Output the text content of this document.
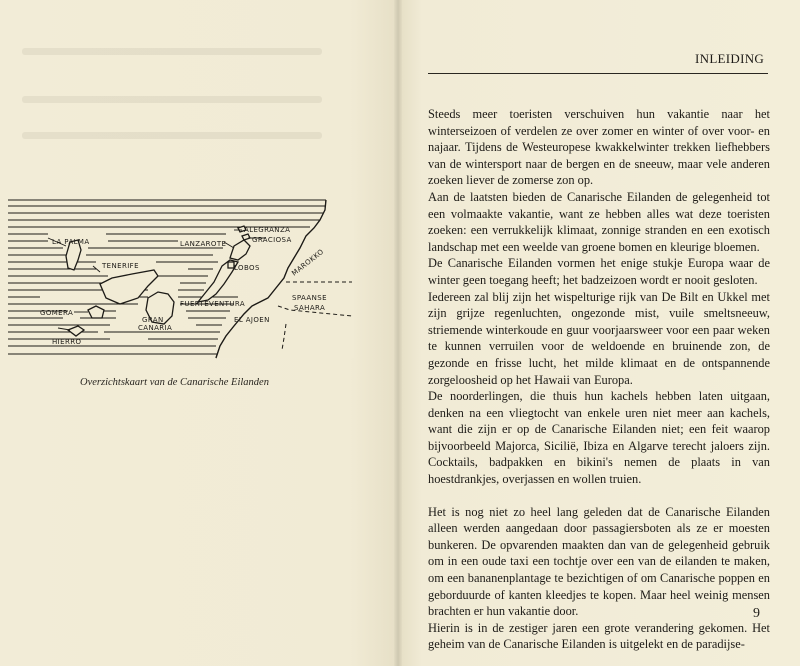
LA PALMA	LANZAROTE
ALEGRANZA
GRACIOSA
MAROKKO
TENERIFE	LOBOS
FUERTEVENTURA
SPAANSE
SAHARA
GOMERA
GRAN
CANARIA
EL AJOEN
HIERRO
Overzichtskaart van de Canarische Eilanden
INLEIDING

Steeds meer toeristen verschuiven hun vakantie naar het winterseizoen of verdelen ze over zomer en winter of over voor- en najaar. Tijdens de Westeuropese kwakkelwinter trekken liefhebbers van de wintersport naar de bergen en de sneeuw, maar vele anderen zoeken liever de zomerse zon op.

Aan de laatsten bieden de Canarische Eilanden de gelegenheid tot een volmaakte vakantie, want ze hebben alles wat deze toeristen zoeken: een verrukkelijk klimaat, zonnige stranden en een exotisch landschap met een weelde van groene bomen en kleurige bloemen.

De Canarische Eilanden vormen het enige stukje Europa waar de winter geen toegang heeft; het badzeizoen wordt er nooit gesloten.

Iedereen zal blij zijn het wispelturige rijk van De Bilt en Ukkel met zijn grijze regenluchten, ongezonde mist, vuile smeltsneeuw, striemende winterkoude en guur voorjaarsweer voor een paar weken te kunnen verruilen voor de weldoende en bruinende zon, de gezonde en frisse lucht, het milde klimaat en de ontspannende zorgeloosheid op het Hawaii van Europa.

De noorderlingen, die thuis hun kachels hebben laten uitgaan, denken na een vliegtocht van enkele uren niet meer aan kachels, want die zijn er op de Canarische Eilanden niet; een feit waarop bijvoorbeeld Majorca, Sicilië, Ibiza en Algarve terecht jaloers zijn. Cocktails, badpakken en bikini's nemen de plaats in van hoestdrankjes, overjassen en wollen truien.

Het is nog niet zo heel lang geleden dat de Canarische Eilanden alleen werden aangedaan door passagiersboten als ze er moesten bunkeren. De opvarenden maakten dan van de gelegenheid gebruik om in een oude taxi een tochtje over een van de eilanden te maken, om een bananenplantage te bezichtigen of om Canarische poppen en geborduurde of kanten kleedjes te kopen. Maar heel weinig mensen brachten er hun vakantie door.

Hierin is in de zestiger jaren een grote verandering gekomen. Het geheim van de Canarische Eilanden is uitgelekt en de paradijse-

9
